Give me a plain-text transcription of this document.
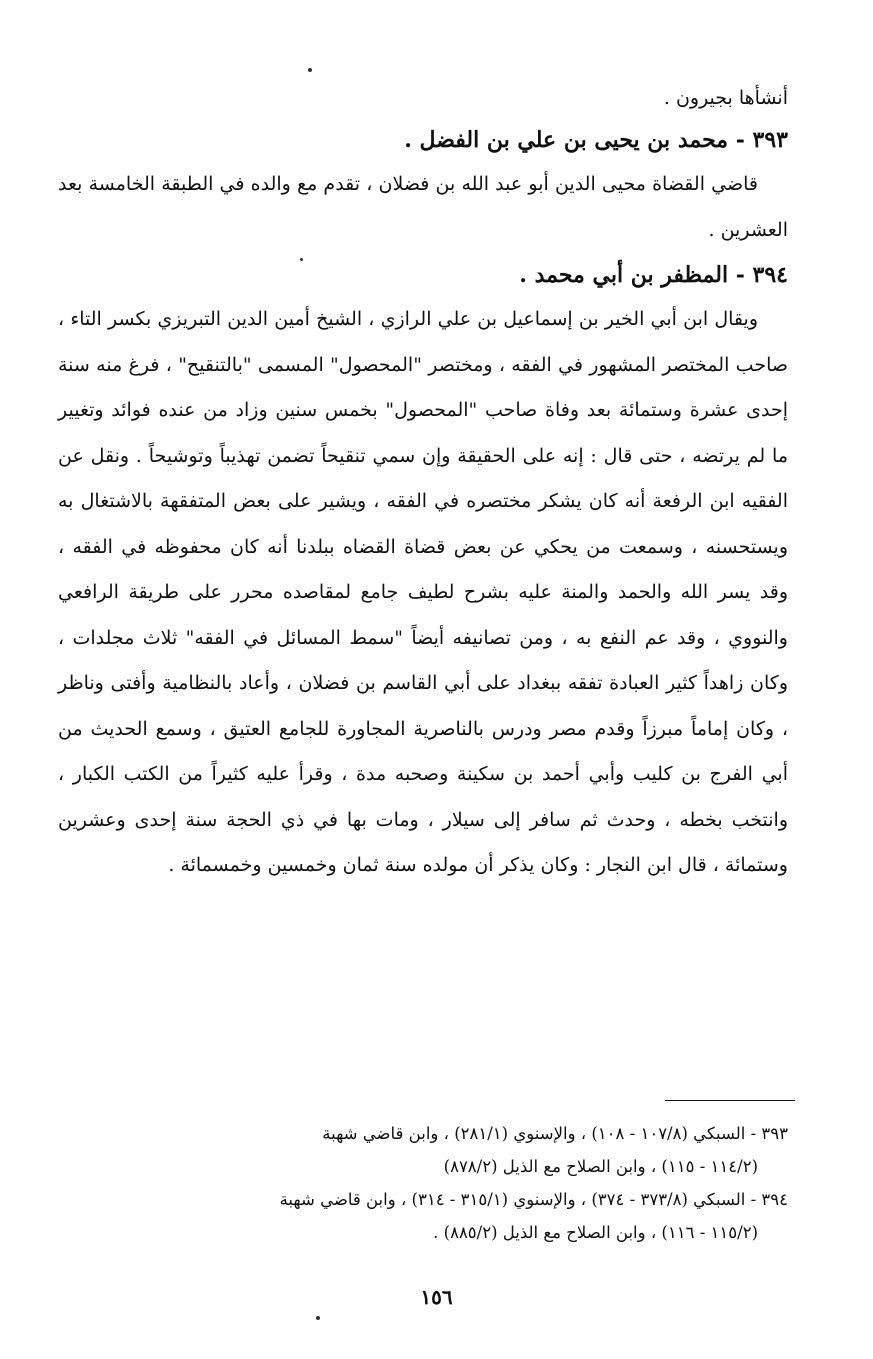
أنشأها بجيرون .

٣٩٣ - محمد بن يحيى بن علي بن الفضل .

قاضي القضاة محيى الدين أبو عبد الله بن فضلان ، تقدم مع والده في الطبقة الخامسة بعد العشرين .

٣٩٤ - المظفر بن أبي محمد .

ويقال ابن أبي الخير بن إسماعيل بن علي الرازي ، الشيخ أمين الدين التبريزي بكسر التاء ، صاحب المختصر المشهور في الفقه ، ومختصر "المحصول" المسمى "بالتنقيح" ، فرغ منه سنة إحدى عشرة وستمائة بعد وفاة صاحب "المحصول" بخمس سنين وزاد من عنده فوائد وتغيير ما لم يرتضه ، حتى قال : إنه على الحقيقة وإن سمي تنقيحاً تضمن تهذيباً وتوشيحاً . ونقل عن الفقيه ابن الرفعة أنه كان يشكر مختصره في الفقه ، ويشير على بعض المتفقهة بالاشتغال به ويستحسنه ، وسمعت من يحكي عن بعض قضاة القضاه ببلدنا أنه كان محفوظه في الفقه ، وقد يسر الله والحمد والمنة عليه بشرح لطيف جامع لمقاصده محرر على طريقة الرافعي والنووي ، وقد عم النفع به ، ومن تصانيفه أيضاً "سمط المسائل في الفقه" ثلاث مجلدات ، وكان زاهداً كثير العبادة تفقه ببغداد على أبي القاسم بن فضلان ، وأعاد بالنظامية وأفتى وناظر ، وكان إماماً مبرزاً وقدم مصر ودرس بالناصرية المجاورة للجامع العتيق ، وسمع الحديث من أبي الفرج بن كليب وأبي أحمد بن سكينة وصحبه مدة ، وقرأ عليه كثيراً من الكتب الكبار ، وانتخب بخطه ، وحدث ثم سافر إلى سيلار ، ومات بها في ذي الحجة سنة إحدى وعشرين وستمائة ، قال ابن النجار : وكان يذكر أن مولده سنة ثمان وخمسين وخمسمائة .

٣٩٣ - السبكي (١٠٧/٨ - ١٠٨) ، والإسنوي (٢٨١/١) ، وابن قاضي شهبة

(١١٤/٢ - ١١٥) ، وابن الصلاح مع الذيل (٨٧٨/٢)

٣٩٤ - السبكي (٣٧٣/٨ - ٣٧٤) ، والإسنوي (٣١٥/١ - ٣١٤) ، وابن قاضي شهبة

(١١٥/٢ - ١١٦) ، وابن الصلاح مع الذيل (٨٨٥/٢) .

١٥٦
